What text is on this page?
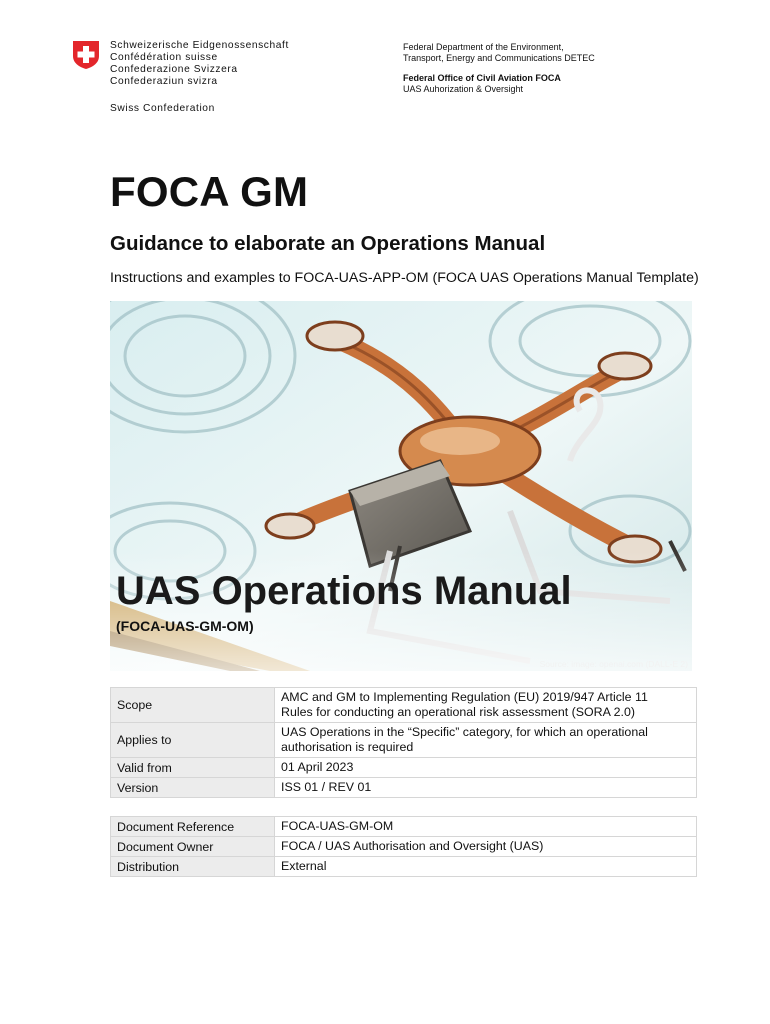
Schweizerische Eidgenossenschaft
Confédération suisse
Confederazione Svizzera
Confederaziun svizra
Swiss Confederation
Federal Department of the Environment,
Transport, Energy and Communications DETEC
Federal Office of Civil Aviation FOCA
UAS Auhorization & Oversight
FOCA GM
Guidance to elaborate an Operations Manual
Instructions and examples to FOCA-UAS-APP-OM (FOCA UAS Operations Manual Template)
UAS Operations Manual
(FOCA-UAS-GM-OM)
Source: image: openai.com (DALL-E 2)
Scope	AMC and GM to Implementing Regulation (EU) 2019/947 Article 11
Rules for conducting an operational risk assessment (SORA 2.0)

Applies to	UAS Operations in the “Specific” category, for which an operational
authorisation is required

Valid from	01 April 2023
Version	ISS 01 / REV 01
Document Reference	FOCA-UAS-GM-OM
Document Owner	FOCA / UAS Authorisation and Oversight (UAS)
Distribution	External
